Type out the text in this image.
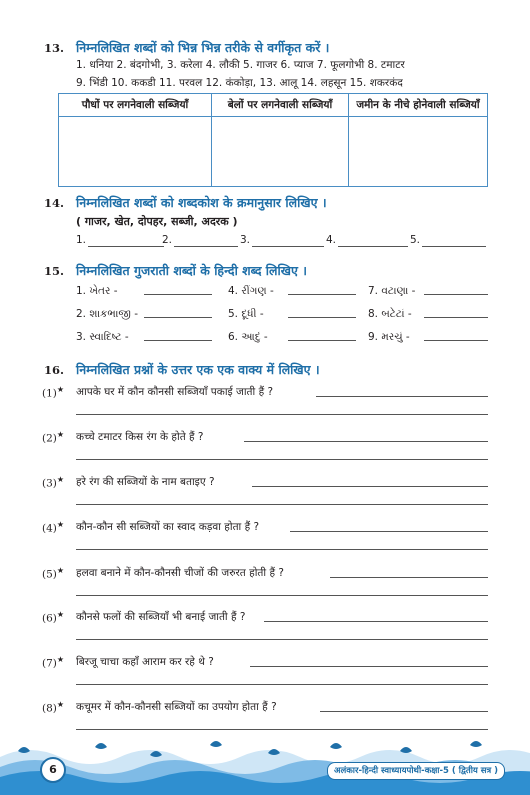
13. निम्नलिखित शब्दों को भिन्न भिन्न तरीके से वर्गीकृत करें ।
1. धनिया 2. बंदगोभी, 3. करेला 4. लौकी 5. गाजर 6. प्याज 7. फूलगोभी 8. टमाटर
9. भिंडी 10. ककडी 11. परवल 12. कंकोड़ा, 13. आलू 14. लहसून 15. शकरकंद
पौधों पर लगनेवाली सब्जियाँ	बेलों पर लगनेवाली सब्जियाँ	जमीन के नीचे होनेवाली सब्जियाँ

14. निम्नलिखित शब्दों को शब्दकोश के क्रमानुसार लिखिए ।
( गाजर, खेत, दोपहर, सब्जी, अदरक )
1.	2.	3.	4.	5.
15. निम्नलिखित गुजराती शब्दों के हिन्दी शब्द लिखिए ।
1. ખેતર -	4. રીંગણ -	7. વટાણા -
2. શાકભાજી -	5. દૂધી -	8. બટેટાં -
3. સ્વાદિષ્ટ -	6. આદું -	9. મરચું -
16. निम्नलिखित प्रश्नों के उत्तर एक एक वाक्य में लिखिए ।
(1)★ आपके घर में कौन कौनसी सब्जियाँ पकाई जाती हैं ?
(2)★ कच्चे टमाटर किस रंग के होते हैं ?
(3)★ हरे रंग की सब्जियों के नाम बताइए ?
(4)★ कौन-कौन सी सब्जियों का स्वाद कड़वा होता हैं ?
(5)★ हलवा बनाने में कौन-कौनसी चीजों की जरुरत होती हैं ?
(6)★ कौनसे फलों की सब्जियाँ भी बनाई जाती हैं ?
(7)★ बिरजू चाचा कहाँ आराम कर रहे थे ?
(8)★ कचूमर में कौन-कौनसी सब्जियों का उपयोग होता हैं ?
6	अलंकार-हिन्दी स्वाध्यायपोथी-कक्षा-5 ( द्वितीय सत्र )
